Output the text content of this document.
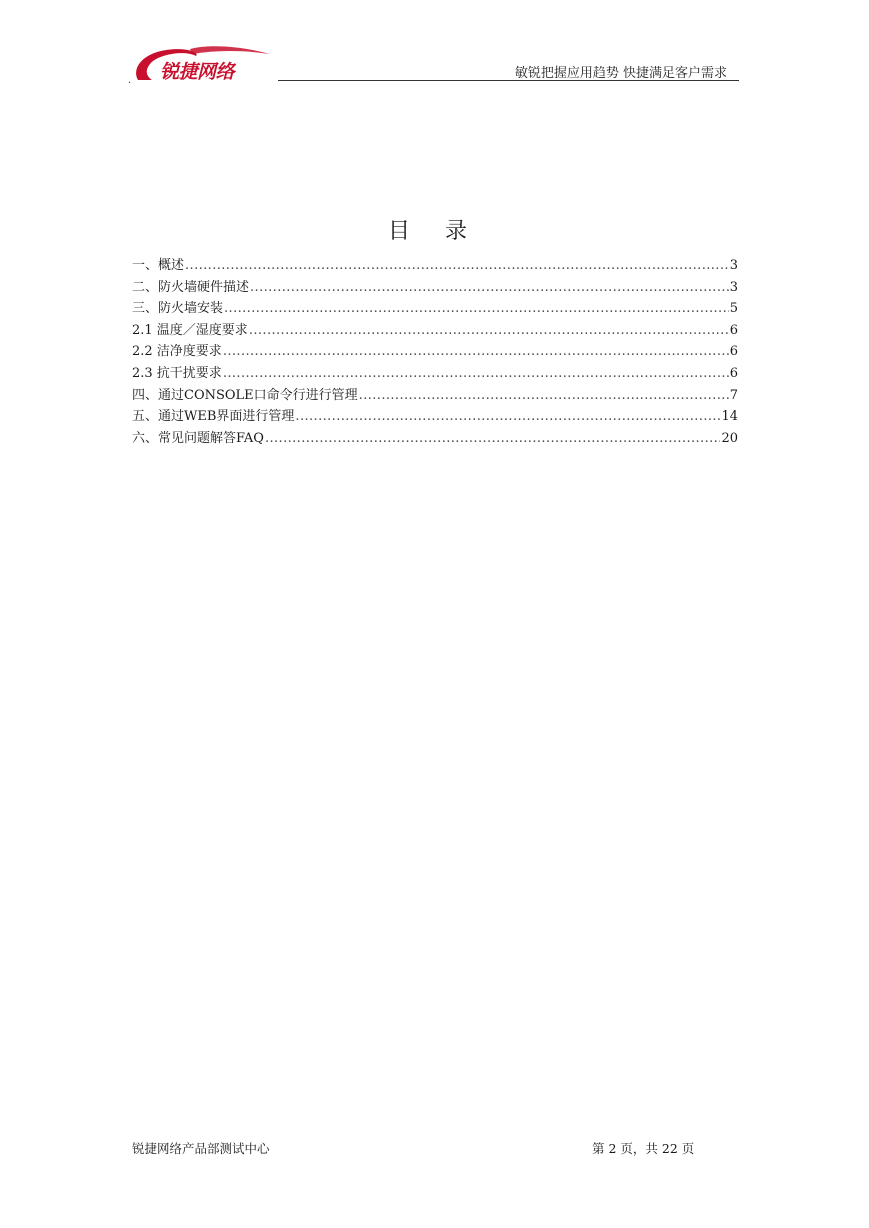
锐捷网络
.	敏锐把握应用趋势 快捷满足客户需求
目 录
一、概述 .....	3
二、防火墙硬件描述 .....	3
三、防火墙安装 .....	5
2.1 温度／湿度要求 .....	6
2.2 洁净度要求 .....	6
2.3 抗干扰要求 .....	6
四、通过CONSOLE口命令行进行管理 .....	7
五、通过WEB界面进行管理 .....	14
六、常见问题解答FAQ .....	20
锐捷网络产品部测试中心	第 2 页，共 22 页
